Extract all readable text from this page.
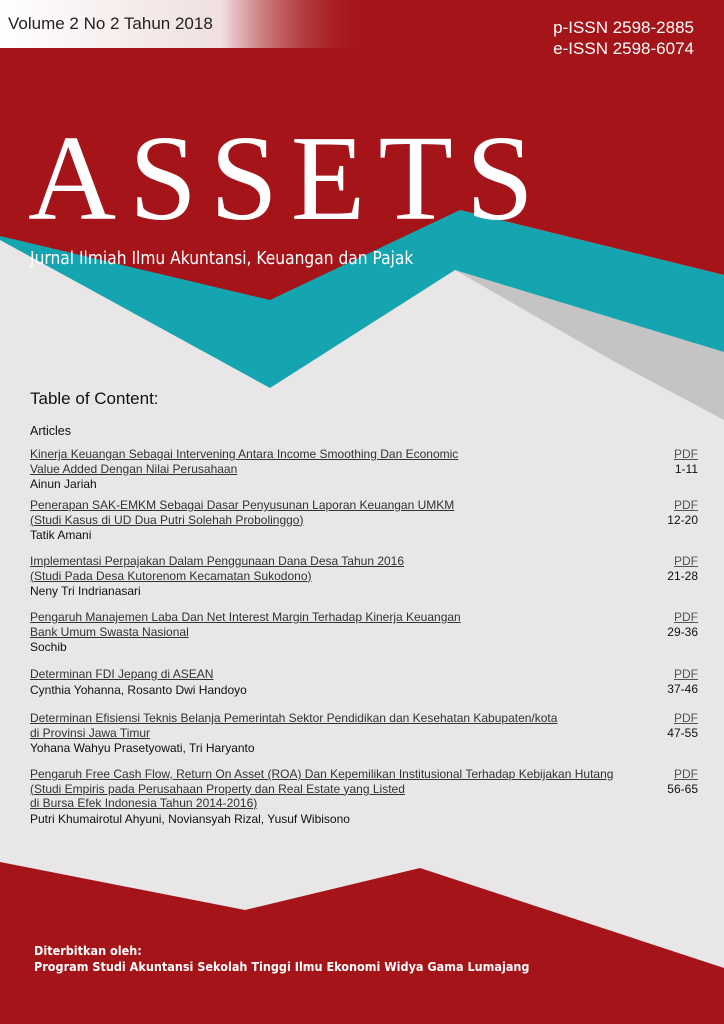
Volume 2 No 2 Tahun 2018	p-ISSN 2598-2885
e-ISSN 2598-6074
ASSETS
Jurnal Ilmiah Ilmu Akuntansi, Keuangan dan Pajak
Table of Content:
Articles
Kinerja Keuangan Sebagai Intervening Antara Income Smoothing Dan Economic
Value Added Dengan Nilai Perusahaan
Ainun Jariah
PDF
1-11
Penerapan SAK-EMKM Sebagai Dasar Penyusunan Laporan Keuangan UMKM
(Studi Kasus di UD Dua Putri Solehah Probolinggo)
Tatik Amani
PDF
12-20
Implementasi Perpajakan Dalam Penggunaan Dana Desa Tahun 2016
(Studi Pada Desa Kutorenom Kecamatan Sukodono)
Neny Tri Indrianasari
PDF
21-28
Pengaruh Manajemen Laba Dan Net Interest Margin Terhadap Kinerja Keuangan
Bank Umum Swasta Nasional
Sochib
PDF
29-36
Determinan FDI Jepang di ASEAN
Cynthia Yohanna, Rosanto Dwi Handoyo
PDF
37-46
Determinan Efisiensi Teknis Belanja Pemerintah Sektor Pendidikan dan Kesehatan Kabupaten/kota
di Provinsi Jawa Timur
Yohana Wahyu Prasetyowati, Tri Haryanto
PDF
47-55
Pengaruh Free Cash Flow, Return On Asset (ROA) Dan Kepemilikan Institusional Terhadap Kebijakan Hutang
(Studi Empiris pada Perusahaan Property dan Real Estate yang Listed
di Bursa Efek Indonesia Tahun 2014-2016)
Putri Khumairotul Ahyuni, Noviansyah Rizal, Yusuf Wibisono
PDF
56-65
Diterbitkan oleh:
Program Studi Akuntansi Sekolah Tinggi Ilmu Ekonomi Widya Gama Lumajang
